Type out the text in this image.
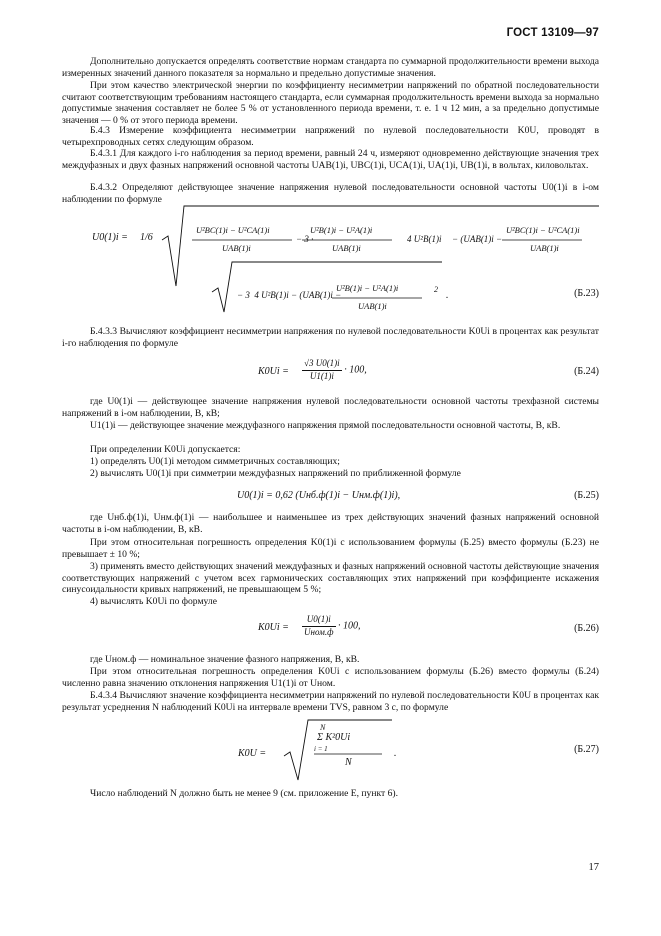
ГОСТ 13109—97
Дополнительно допускается определять соответствие нормам стандарта по суммарной продолжительности времени выхода измеренных значений данного показателя за нормально и предельно допустимые значения.
При этом качество электрической энергии по коэффициенту несимметрии напряжений по обратной последовательности считают соответствующим требованиям настоящего стандарта, если суммарная продолжительность времени выхода за нормально допустимые значения составляет не более 5 % от установленного периода времени, т. е. 1 ч 12 мин, а за предельно допустимые значения — 0 % от этого периода времени.
Б.4.3 Измерение коэффициента несимметрии напряжений по нулевой последовательности K0U, проводят в четырехпроводных сетях следующим образом.
Б.4.3.1 Для каждого i-го наблюдения за период времени, равный 24 ч, измеряют одновременно действующие значения трех междуфазных и двух фазных напряжений основной частоты UAB(1)i, UBC(1)i, UCA(1)i, UA(1)i, UB(1)i, в вольтах, киловольтах.
Б.4.3.2 Определяют действующее значение напряжения нулевой последовательности основной частоты U0(1)i в i-ом наблюдении по формуле
U0(1)i = 1/6
U²BC(1)i − U²CA(1)i
UAB(1)i
− 3 ·
U²B(1)i − U²A(1)i
UAB(1)i
4 U²B(1)i − (UAB(1)i −
U²BC(1)i − U²CA(1)i
UAB(1)i
− 3  4 U²B(1)i − (UAB(1)i −
U²B(1)i − U²A(1)i
UAB(1)i
2
.	(Б.23)
Б.4.3.3 Вычисляют коэффициент несимметрии напряжения по нулевой последовательности K0Ui в процентах как результат i-го наблюдения по формуле
$K0Ui = \frac{√3 U0(1)i}{U1(1)i} \cdot 100$,	(Б.24)
где U0(1)i — действующее значение напряжения нулевой последовательности основной частоты трехфазной системы напряжений в i-ом наблюдении, В, кВ;
U1(1)i — действующее значение междуфазного напряжения прямой последовательности основной частоты, В, кВ.
При определении K0Ui допускается:
1) определять U0(1)i методом симметричных составляющих;
2) вычислять U0(1)i при симметрии междуфазных напряжений по приближенной формуле
U0(1)i = 0,62 (Uнб.ф(1)i − Uнм.ф(1)i),	(Б.25)
где Uнб.ф(1)i, Uнм.ф(1)i — наибольшее и наименьшее из трех действующих значений фазных напряжений основной частоты в i-ом наблюдении, В, кВ.
При этом относительная погрешность определения K0(1)i с использованием формулы (Б.25) вместо формулы (Б.23) не превышает ± 10 %;
3) применять вместо действующих значений междуфазных и фазных напряжений основной частоты действующие значения соответствующих напряжений с учетом всех гармонических составляющих этих напряжений при коэффициенте искажения синусоидальности кривых напряжений, не превышающем 5 %;
4) вычислять K0Ui по формуле
$K0Ui = \frac{U0(1)i}{\text{Uном.ф}} \cdot 100$,	(Б.26)
где Uном.ф — номинальное значение фазного напряжения, В, кВ.
При этом относительная погрешность определения K0Ui с использованием формулы (Б.26) вместо формулы (Б.24) численно равна значению отклонения напряжения U1(1)i от Uном.
Б.4.3.4 Вычисляют значение коэффициента несимметрии напряжений по нулевой последовательности K0U в процентах как результат усреднения N наблюдений K0Ui на интервале времени TVS, равном 3 с, по формуле
K0U =
N
Σ K²0Ui
i = 1
N
.	(Б.27)
Число наблюдений N должно быть не менее 9 (см. приложение Е, пункт 6).
17
